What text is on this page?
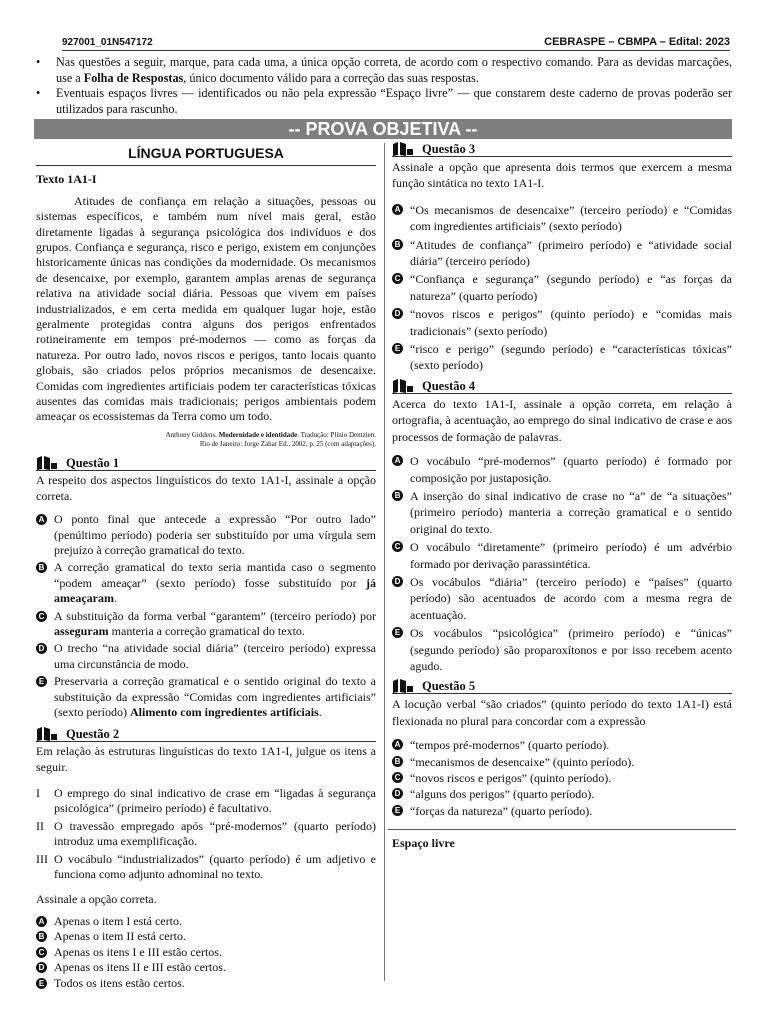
927001_01N547172	CEBRASPE – CBMPA – Edital: 2023
• Nas questões a seguir, marque, para cada uma, a única opção correta, de acordo com o respectivo comando. Para as devidas marcações, use a Folha de Respostas, único documento válido para a correção das suas respostas.
• Eventuais espaços livres — identificados ou não pela expressão “Espaço livre” — que constarem deste caderno de provas poderão ser utilizados para rascunho.
-- PROVA OBJETIVA --
LÍNGUA PORTUGUESA
Texto 1A1-I
Atitudes de confiança em relação a situações, pessoas ou sistemas específicos, e também num nível mais geral, estão diretamente ligadas à segurança psicológica dos indivíduos e dos grupos. Confiança e segurança, risco e perigo, existem em conjunções historicamente únicas nas condições da modernidade. Os mecanismos de desencaixe, por exemplo, garantem amplas arenas de segurança relativa na atividade social diária. Pessoas que vivem em países industrializados, e em certa medida em qualquer lugar hoje, estão geralmente protegidas contra alguns dos perigos enfrentados rotineiramente em tempos pré-modernos — como as forças da natureza. Por outro lado, novos riscos e perigos, tanto locais quanto globais, são criados pelos próprios mecanismos de desencaixe. Comidas com ingredientes artificiais podem ter características tóxicas ausentes das comidas mais tradicionais; perigos ambientais podem ameaçar os ecossistemas da Terra como um todo.
Anthony Giddens. Modernidade e identidade. Tradução: Plínio Dentzien.
Rio de Janeiro: Jorge Zahar Ed., 2002, p. 25 (com adaptações).
Questão 1
A respeito dos aspectos linguísticos do texto 1A1-I, assinale a opção correta.
A O ponto final que antecede a expressão “Por outro lado” (penúltimo período) poderia ser substituído por uma vírgula sem prejuízo à correção gramatical do texto.
B A correção gramatical do texto seria mantida caso o segmento “podem ameaçar” (sexto período) fosse substituído por já ameaçaram.
C A substituição da forma verbal “garantem” (terceiro período) por asseguram manteria a correção gramatical do texto.
D O trecho “na atividade social diária” (terceiro período) expressa uma circunstância de modo.
E Preservaria a correção gramatical e o sentido original do texto a substituição da expressão “Comidas com ingredientes artificiais” (sexto período) Alimento com ingredientes artificiais.
Questão 2
Em relação às estruturas linguísticas do texto 1A1-I, julgue os itens a seguir.
I O emprego do sinal indicativo de crase em “ligadas à segurança psicológica” (primeiro período) é facultativo.
II O travessão empregado após “pré-modernos” (quarto período) introduz uma exemplificação.
III O vocábulo “industrializados” (quarto período) é um adjetivo e funciona como adjunto adnominal no texto.
Assinale a opção correta.
A Apenas o item I está certo.
B Apenas o item II está certo.
C Apenas os itens I e III estão certos.
D Apenas os itens II e III estão certos.
E Todos os itens estão certos.
Questão 3
Assinale a opção que apresenta dois termos que exercem a mesma função sintática no texto 1A1-I.
A “Os mecanismos de desencaixe” (terceiro período) e “Comidas com ingredientes artificiais” (sexto período)
B “Atitudes de confiança” (primeiro período) e “atividade social diária” (terceiro período)
C “Confiança e segurança” (segundo período) e “as forças da natureza” (quarto período)
D “novos riscos e perigos” (quinto período) e “comidas mais tradicionais” (sexto período)
E “risco e perigo” (segundo período) e “características tóxicas” (sexto período)
Questão 4
Acerca do texto 1A1-I, assinale a opção correta, em relação à ortografia, à acentuação, ao emprego do sinal indicativo de crase e aos processos de formação de palavras.
A O vocábulo “pré-modernos” (quarto período) é formado por composição por justaposição.
B A inserção do sinal indicativo de crase no “a” de “a situações” (primeiro período) manteria a correção gramatical e o sentido original do texto.
C O vocábulo “diretamente” (primeiro período) é um advérbio formado por derivação parassintética.
D Os vocábulos “diária” (terceiro período) e “países” (quarto período) são acentuados de acordo com a mesma regra de acentuação.
E Os vocábulos “psicológica” (primeiro período) e “únicas” (segundo período) são proparoxítonos e por isso recebem acento agudo.
Questão 5
A locução verbal “são criados” (quinto período do texto 1A1-I) está flexionada no plural para concordar com a expressão
A “tempos pré-modernos” (quarto período).
B “mecanismos de desencaixe” (quinto período).
C “novos riscos e perigos” (quinto período).
D “alguns dos perigos” (quarto período).
E “forças da natureza” (quarto período).
Espaço livre
